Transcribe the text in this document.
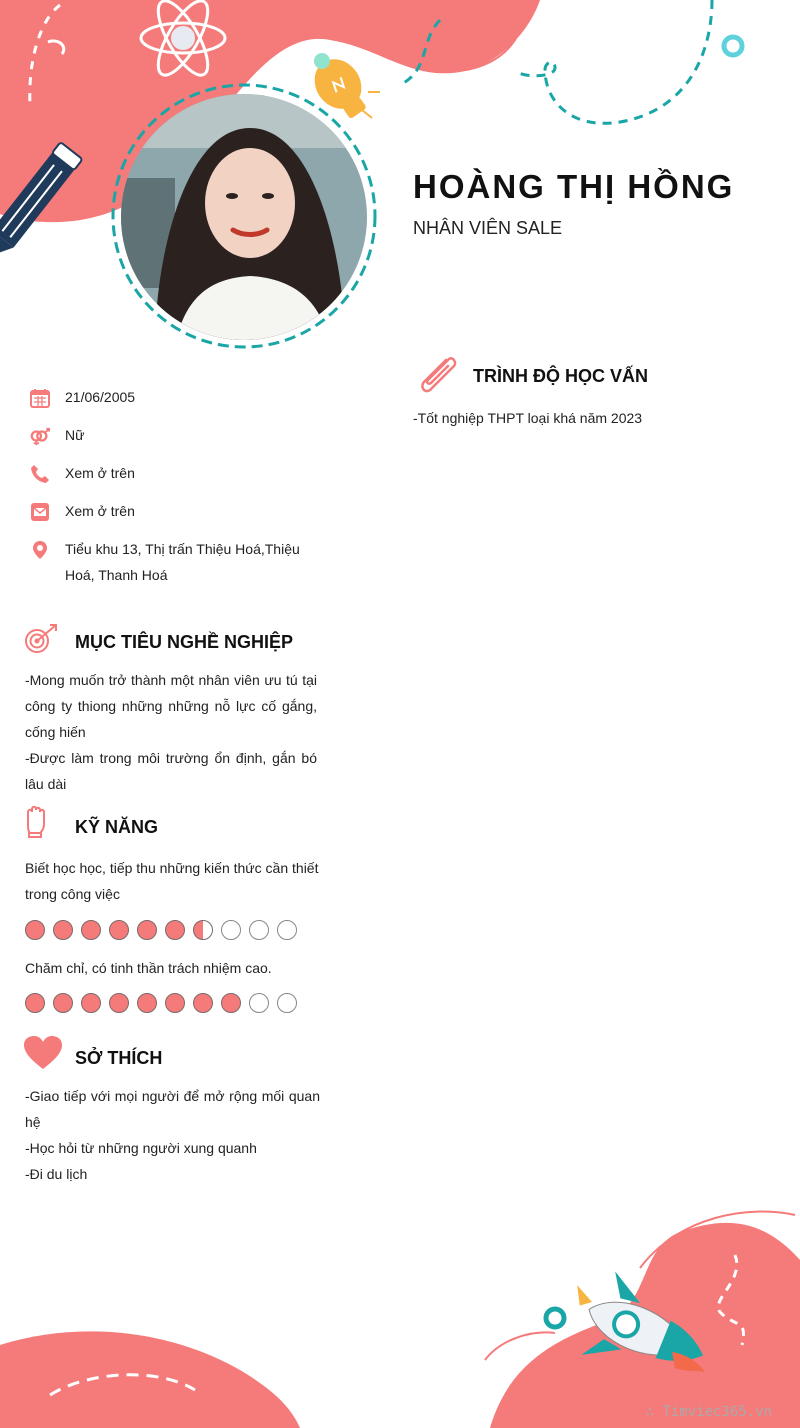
HOÀNG THỊ HỒNG
NHÂN VIÊN SALE
21/06/2005
Nữ
Xem ở trên
Xem ở trên
Tiểu khu 13, Thị trấn Thiệu Hoá,Thiệu Hoá, Thanh Hoá
MỤC TIÊU NGHỀ NGHIỆP
-Mong muốn trở thành một nhân viên ưu tú tại công ty thiong những những nỗ lực cố gắng, cống hiến
-Được làm trong môi trường ổn định, gắn bó lâu dài
KỸ NĂNG
Biết học học, tiếp thu những kiến thức cần thiết trong công việc
Chăm chỉ, có tinh thần trách nhiệm cao.
SỞ THÍCH
-Giao tiếp với mọi người để mở rộng mối quan hệ
-Học hỏi từ những người xung quanh
-Đi du lịch
TRÌNH ĐỘ HỌC VẤN
-Tốt nghiệp THPT loại khá năm 2023
∴ Timviec365.vn
